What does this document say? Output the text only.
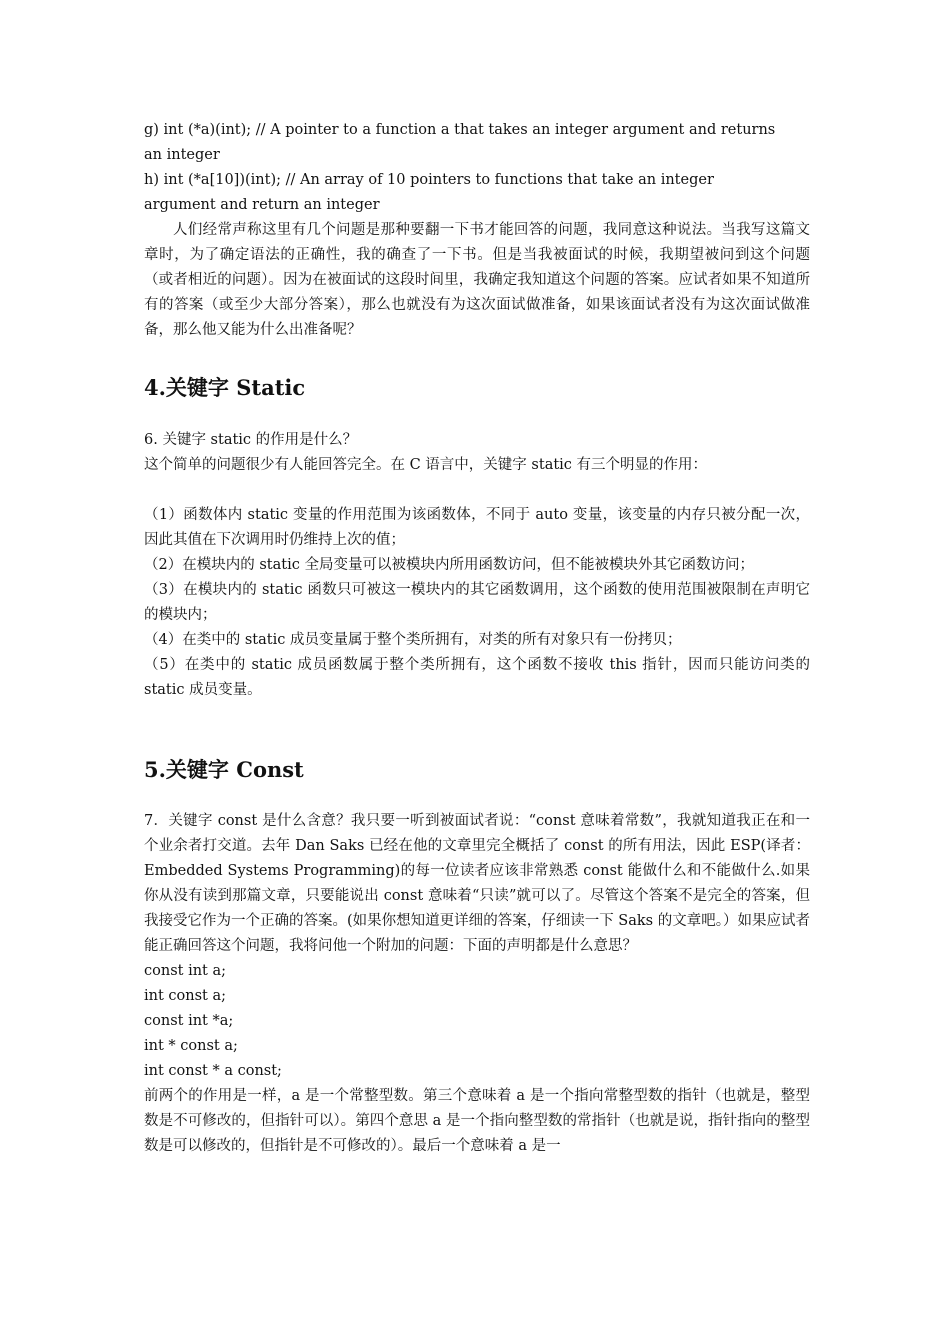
g) int (*a)(int); // A pointer to a function a that takes an integer argument and returns
an integer
h) int (*a[10])(int); // An array of 10 pointers to functions that take an integer
argument and return an integer
人们经常声称这里有几个问题是那种要翻一下书才能回答的问题，我同意这种说法。当我写这篇文章时，为了确定语法的正确性，我的确查了一下书。但是当我被面试的时候，我期望被问到这个问题（或者相近的问题）。因为在被面试的这段时间里，我确定我知道这个问题的答案。应试者如果不知道所有的答案（或至少大部分答案），那么也就没有为这次面试做准备，如果该面试者没有为这次面试做准备，那么他又能为什么出准备呢？
4.关键字 Static
6. 关键字 static 的作用是什么？
这个简单的问题很少有人能回答完全。在 C 语言中，关键字 static 有三个明显的作用：
（1）函数体内 static 变量的作用范围为该函数体，不同于 auto 变量，该变量的内存只被分配一次，因此其值在下次调用时仍维持上次的值；
（2）在模块内的 static 全局变量可以被模块内所用函数访问，但不能被模块外其它函数访问；
（3）在模块内的 static 函数只可被这一模块内的其它函数调用，这个函数的使用范围被限制在声明它的模块内；
（4）在类中的 static 成员变量属于整个类所拥有，对类的所有对象只有一份拷贝；
（5）在类中的 static 成员函数属于整个类所拥有，这个函数不接收 this 指针，因而只能访问类的 static 成员变量。
5.关键字 Const
7．关键字 const 是什么含意？我只要一听到被面试者说：“const 意味着常数”，我就知道我正在和一个业余者打交道。去年 Dan Saks 已经在他的文章里完全概括了 const 的所有用法，因此 ESP(译者：Embedded Systems Programming)的每一位读者应该非常熟悉 const 能做什么和不能做什么.如果你从没有读到那篇文章，只要能说出 const 意味着“只读”就可以了。尽管这个答案不是完全的答案，但我接受它作为一个正确的答案。(如果你想知道更详细的答案，仔细读一下 Saks 的文章吧。）如果应试者能正确回答这个问题，我将问他一个附加的问题：下面的声明都是什么意思？
const int a;
int const a;
const int *a;
int * const a;
int const * a const;
前两个的作用是一样，a 是一个常整型数。第三个意味着 a 是一个指向常整型数的指针（也就是，整型数是不可修改的，但指针可以）。第四个意思 a 是一个指向整型数的常指针（也就是说，指针指向的整型数是可以修改的，但指针是不可修改的）。最后一个意味着 a 是一
